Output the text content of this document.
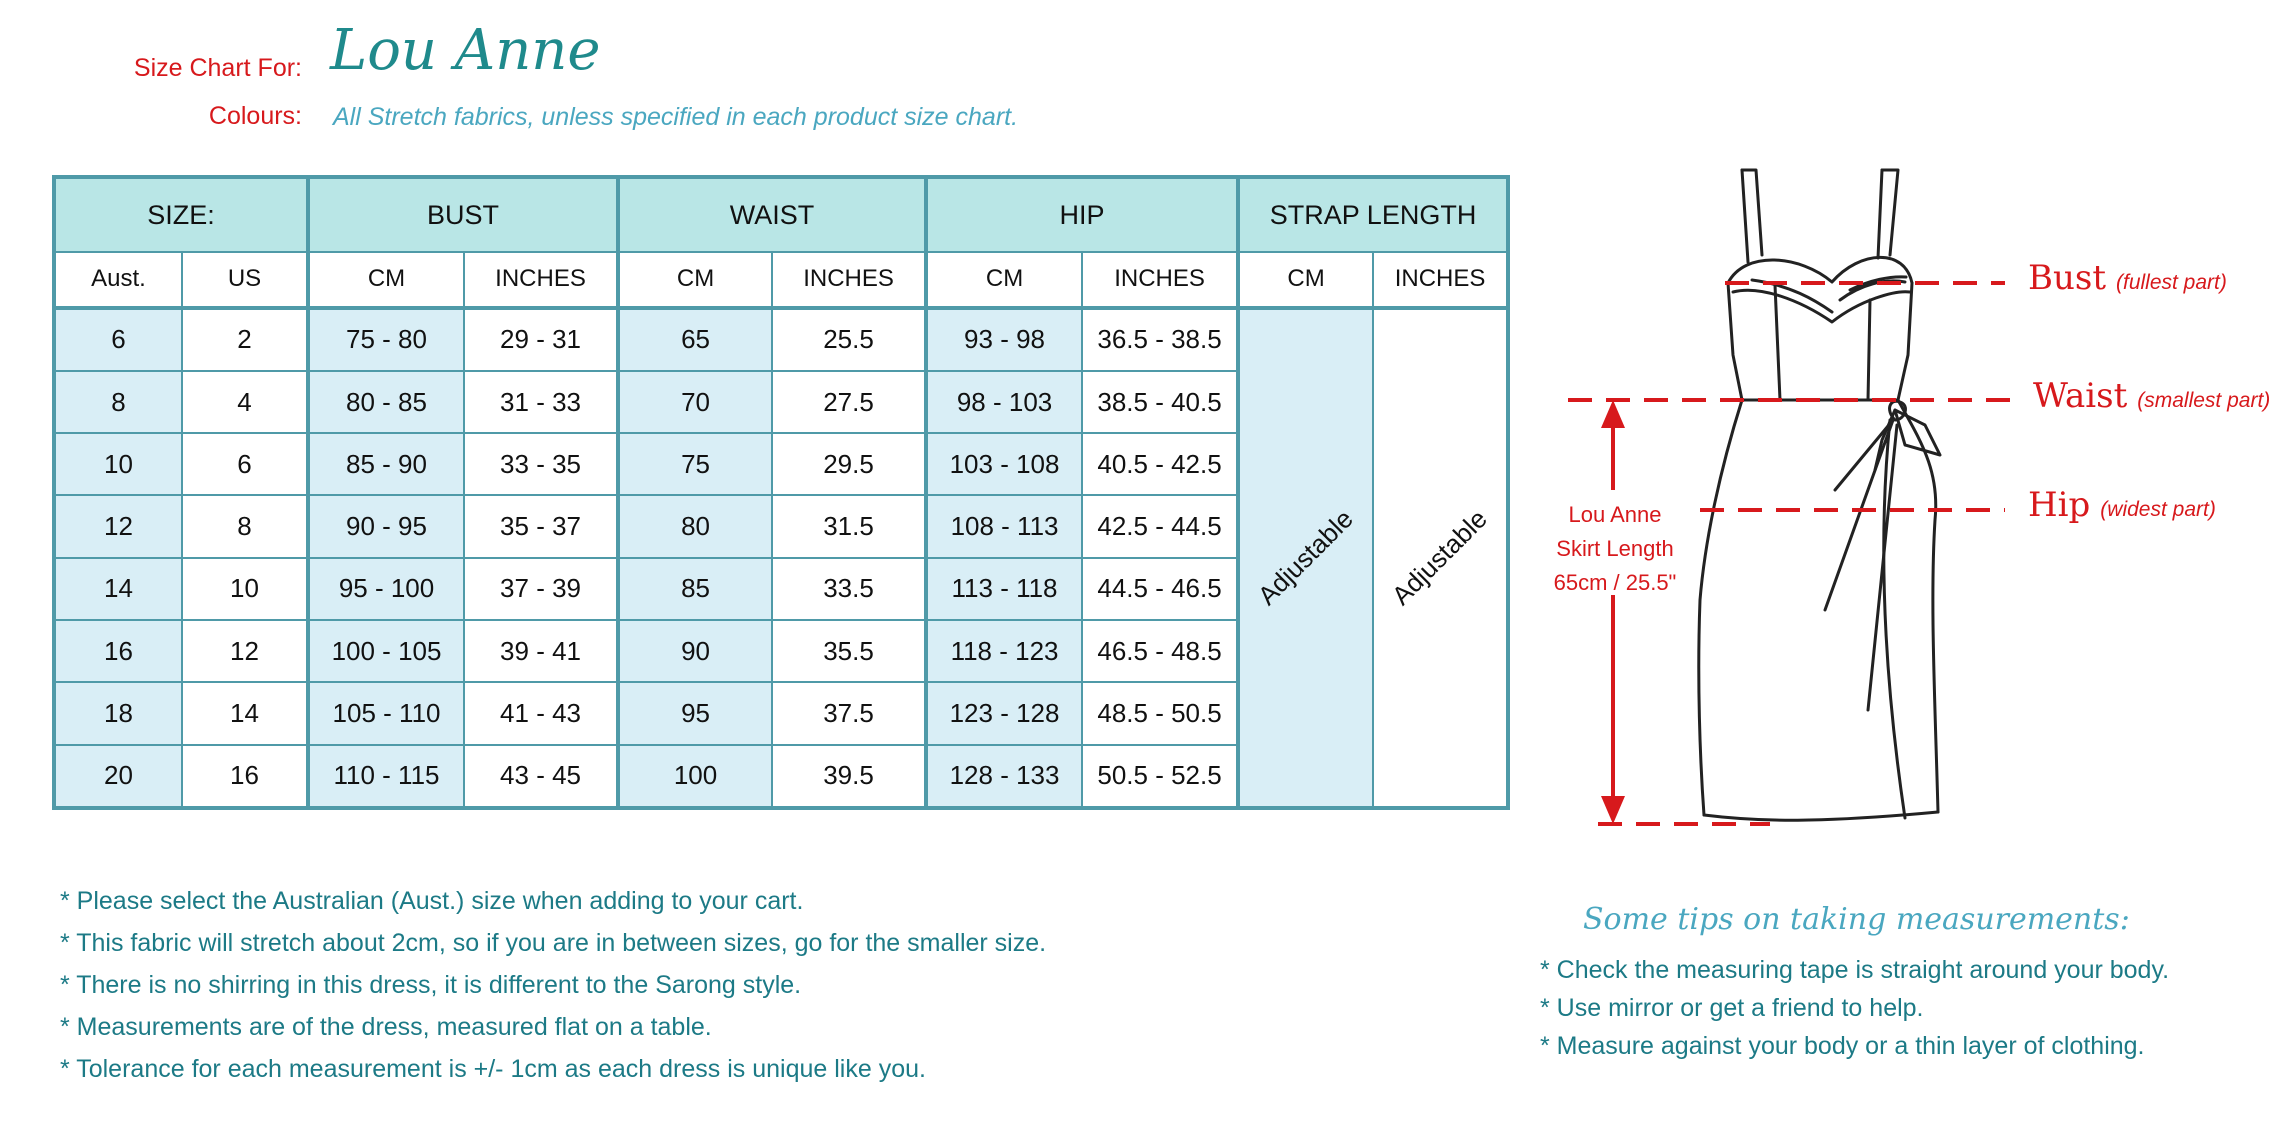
Size Chart For: Lou Anne
Colours: All Stretch fabrics, unless specified in each product size chart.
SIZE:		BUST		WAIST		HIP		STRAP LENGTH	
Aust.	US	CM	INCHES	CM	INCHES	CM	INCHES	CM	INCHES
6	2	75 - 80	29 - 31	65	25.5	93 - 98	36.5 - 38.5	Adjustable	Adjustable
8	4	80 - 85	31 - 33	70	27.5	98 - 103	38.5 - 40.5		
10	6	85 - 90	33 - 35	75	29.5	103 - 108	40.5 - 42.5		
12	8	90 - 95	35 - 37	80	31.5	108 - 113	42.5 - 44.5		
14	10	95 - 100	37 - 39	85	33.5	113 - 118	44.5 - 46.5		
16	12	100 - 105	39 - 41	90	35.5	118 - 123	46.5 - 48.5		
18	14	105 - 110	41 - 43	95	37.5	123 - 128	48.5 - 50.5		
20	16	110 - 115	43 - 45	100	39.5	128 - 133	50.5 - 52.5		
Bust (fullest part)
Waist (smallest part)
Hip (widest part)
Lou Anne
Skirt Length
65cm / 25.5"
* Please select the Australian (Aust.) size when adding to your cart.
* This fabric will stretch about 2cm, so if you are in between sizes, go for the smaller size.
* There is no shirring in this dress, it is different to the Sarong style.
* Measurements are of the dress, measured flat on a table.
* Tolerance for each measurement is +/- 1cm as each dress is unique like you.
Some tips on taking measurements:
* Check the measuring tape is straight around your body.
* Use mirror or get a friend to help.
* Measure against your body or a thin layer of clothing.
